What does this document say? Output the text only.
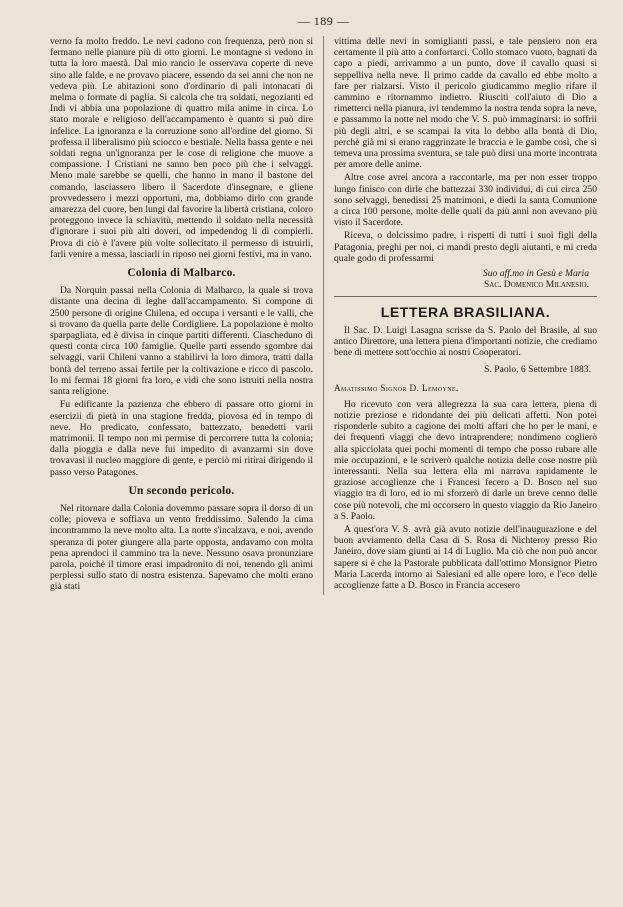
— 189 —

verno fa molto freddo. Le nevi cadono con frequenza, però non si fermano nelle pianure più di otto giorni. Le montagne si vedono in tutta la loro maestà. Dal mio rancio le osservava coperte di neve sino alle falde, e ne provavo piacere, essendo da sei anni che non ne vedeva più. Le abitazioni sono d'ordinario di pali intonacati di melma o formate di paglia. Si calcola che tra soldati, negozianti ed Indi vi abbia una popolazione di quattro mila anime in circa. Lo stato morale e religioso dell'accampamento è quanto si può dire infelice. La ignoranza e la corruzione sono all'ordine del giorno. Si professa il liberalismo più sciocco e bestiale. Nella bassa gente e nei soldati regna un'ignoranza per le cose di religione che muove a compassione. I Cristiani ne sanno ben poco più che i selvaggi. Meno male sarebbe se quelli, che hanno in mano il bastone del comando, lasciassero libero il Sacerdote d'insegnare, e gliene provvedessero i mezzi opportuni, ma, dobbiamo dirlo con grande amarezza del cuore, ben lungi dal favorire la libertà cristiana, coloro proteggono invece la schiavitù, mettendo il soldato nella necessità d'ignorare i suoi più alti doveri, od impedendog li di compierli. Prova di ciò è l'avere più volte sollecitato il permesso di istruirli, farli venire a messa, lasciarli in riposo nei giorni festivi, ma in vano.

Colonia di Malbarco.

Da Norquin passai nella Colonia di Malbarco, la quale si trova distante una decina di leghe dall'accampamento. Si compone di 2500 persone di origine Chilena, ed occupa i versanti e le valli, che si trovano da quella parte delle Cordigliere. La popolazione è molto sparpagliata, ed è divisa in cinque partiti differenti. Ciascheduno di questi conta circa 100 famiglie. Quelle parti essendo sgombre dai selvaggi, varii Chileni vanno a stabilirvi la loro dimora, tratti dalla bontà del terreno assai fertile per la coltivazione e ricco di pascolo. Io mi fermai 18 giorni fra loro, e vidi che sono istruiti nella nostra santa religione.

Fu edificante la pazienza che ebbero di passare otto giorni in esercizii di pietà in una stagione fredda, piovosa ed in tempo di neve. Ho predicato, confessato, battezzato, benedetti varii matrimonii. Il tempo non mi permise di percorrere tutta la colonia; dalla pioggia e dalla neve fui impedito di avanzarmi sin dove trovavasi il nucleo maggiore di gente, e perciò mi ritirai dirigendo il passo verso Patagones.

Un secondo pericolo.

Nel ritornare dalla Colonia dovemmo passare sopra il dorso di un colle; pioveva e soffiava un vento freddissimo. Salendo la cima incontrammo la neve molto alta. La notte s'incalzava, e noi, avendo speranza di poter giungere alla parte opposta, andavamo con molta pena aprendoci il cammino tra la neve. Nessuno osava pronunziare parola, poichè il timore erasi impadronito di noi, tenendo gli animi perplessi sullo stato di nostra esistenza. Sapevamo che molti erano già stati

vittima delle nevi in somiglianti passi, e tale pensiero non era certamente il più atto a confortarci. Collo stomaco vuoto, bagnati da capo a piedi, arrivammo a un punto, dove il cavallo quasi si seppelliva nella neve. Il primo cadde da cavallo ed ebbe molto a fare per rialzarsi. Visto il pericolo giudicammo meglio rifare il cammino e ritornammo indietro. Riusciti coll'aiuto di Dio a rimetterci nella pianura, ivi tendemmo la nostra tenda sopra la neve, e passammo la notte nel modo che V. S. può immaginarsi: io soffrii più degli altri, e se scampai la vita lo debbo alla bontà di Dio, perchè già mi si erano raggrinzate le braccia e le gambe così, che si temeva una prossima sventura, se tale può dirsi una morte incontrata per amore delle anime.

Altre cose avrei ancora a raccontarle, ma per non esser troppo lungo finisco con dirle che battezzai 330 individui, di cui circa 250 sono selvaggi, benedissi 25 matrimoni, e diedi la santa Comunione a circa 100 persone, molte delle quali da più anni non avevano più visto il Sacerdote.

Riceva, o dolcissimo padre, i rispetti di tutti i suoi figli della Patagonia, preghi per noi, ci mandi presto degli aiutanti, e mi creda quale godo di professarmi

Suo aff.mo in Gesù e Maria
Sac. Domenico Milanesio.
LETTERA BRASILIANA.

Il Sac. D. Luigi Lasagna scrisse da S. Paolo del Brasile, al suo antico Direttore, una lettera piena d'importanti notizie, che crediamo bene di mettere sott'occhio ai nostri Cooperatori.

S. Paolo, 6 Settembre 1883.
Amatissimo Signor D. Lemoyne.

Ho ricevuto con vera allegrezza la sua cara lettera, piena di notizie preziose e ridondante dei più delicati affetti. Non potei risponderle subito a cagione dei molti affari che ho per le mani, e dei frequenti viaggi che devo intraprendere; nondimeno coglierò alla spicciolata quei pochi momenti di tempo che posso rubare alle mie occupazioni, e le scriverò qualche notizia delle cose nostre più interessanti. Nella sua lettera ella mi narrava rapidamente le graziose accoglienze che i Francesi fecero a D. Bosco nel suo viaggio tra di loro, ed io mi sforzerò di darle un breve cenno delle cose più notevoli, che mi occorsero in questo viaggio da Rio Janeiro a S. Paolo.

A quest'ora V. S. avrà già avuto notizie dell'inaugurazione e del buon avviamento della Casa di S. Rosa di Nichteroy presso Rio Janeiro, dove siam giunti ai 14 di Luglio. Ma ciò che non può ancor sapere si è che la Pastorale pubblicata dall'ottimo Monsignor Pietro Maria Lacerda intorno ai Salesiani ed alle opere loro, e l'eco delle accoglienze fatte a D. Bosco in Francia accesero
